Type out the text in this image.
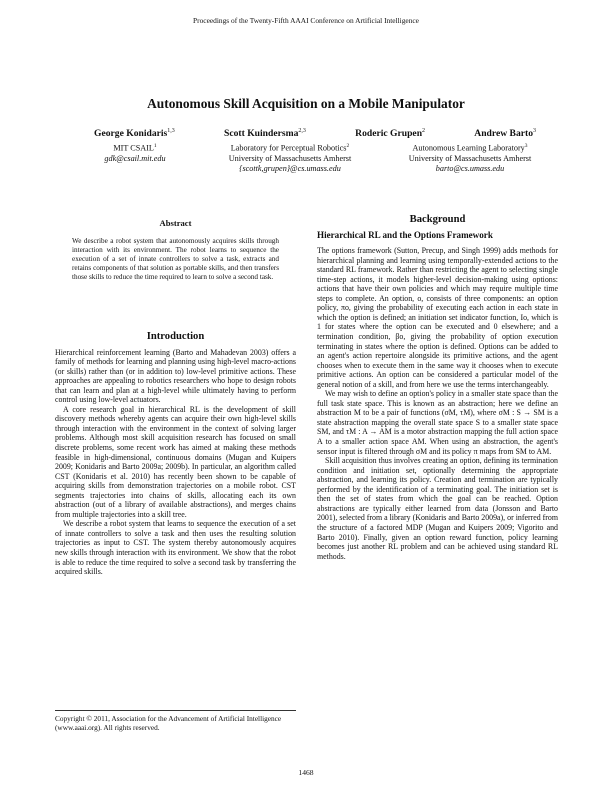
Proceedings of the Twenty-Fifth AAAI Conference on Artificial Intelligence
Autonomous Skill Acquisition on a Mobile Manipulator
George Konidaris$^{1,3}$	Scott Kuindersma$^{2,3}$	Roderic Grupen$^2$	Andrew Barto$^3$
MIT CSAIL$^1$
gdk@csail.mit.edu
Laboratory for Perceptual Robotics$^2$
University of Massachusetts Amherst
{scottk,grupen}@cs.umass.edu
Autonomous Learning Laboratory$^3$
University of Massachusetts Amherst
barto@cs.umass.edu
Abstract
We describe a robot system that autonomously acquires skills through interaction with its environment. The robot learns to sequence the execution of a set of innate controllers to solve a task, extracts and retains components of that solution as portable skills, and then transfers those skills to reduce the time required to learn to solve a second task.
Introduction

Hierarchical reinforcement learning (Barto and Mahadevan 2003) offers a family of methods for learning and planning using high-level macro-actions (or skills) rather than (or in addition to) low-level primitive actions. These approaches are appealing to robotics researchers who hope to design robots that can learn and plan at a high-level while ultimately having to perform control using low-level actuators.

A core research goal in hierarchical RL is the development of skill discovery methods whereby agents can acquire their own high-level skills through interaction with the environment in the context of solving larger problems. Although most skill acquisition research has focused on small discrete problems, some recent work has aimed at making these methods feasible in high-dimensional, continuous domains (Mugan and Kuipers 2009; Konidaris and Barto 2009a; 2009b). In particular, an algorithm called CST (Konidaris et al. 2010) has recently been shown to be capable of acquiring skills from demonstration trajectories on a mobile robot. CST segments trajectories into chains of skills, allocating each its own abstraction (out of a library of available abstractions), and merges chains from multiple trajectories into a skill tree.

We describe a robot system that learns to sequence the execution of a set of innate controllers to solve a task and then uses the resulting solution trajectories as input to CST. The system thereby autonomously acquires new skills through interaction with its environment. We show that the robot is able to reduce the time required to solve a second task by transferring the acquired skills.

Copyright © 2011, Association for the Advancement of Artificial Intelligence (www.aaai.org). All rights reserved.
Background
Hierarchical RL and the Options Framework

The options framework (Sutton, Precup, and Singh 1999) adds methods for hierarchical planning and learning using temporally-extended actions to the standard RL framework. Rather than restricting the agent to selecting single time-step actions, it models higher-level decision-making using options: actions that have their own policies and which may require multiple time steps to complete. An option, o, consists of three components: an option policy, πo, giving the probability of executing each action in each state in which the option is defined; an initiation set indicator function, Io, which is 1 for states where the option can be executed and 0 elsewhere; and a termination condition, βo, giving the probability of option execution terminating in states where the option is defined. Options can be added to an agent's action repertoire alongside its primitive actions, and the agent chooses when to execute them in the same way it chooses when to execute primitive actions. An option can be considered a particular model of the general notion of a skill, and from here we use the terms interchangeably.

We may wish to define an option's policy in a smaller state space than the full task state space. This is known as an abstraction; here we define an abstraction M to be a pair of functions (σM, τM), where σM : S → SM is a state abstraction mapping the overall state space S to a smaller state space SM, and τM : A → AM is a motor abstraction mapping the full action space A to a smaller action space AM. When using an abstraction, the agent's sensor input is filtered through σM and its policy π maps from SM to AM.

Skill acquisition thus involves creating an option, defining its termination condition and initiation set, optionally determining the appropriate abstraction, and learning its policy. Creation and termination are typically performed by the identification of a terminating goal. The initiation set is then the set of states from which the goal can be reached. Option abstractions are typically either learned from data (Jonsson and Barto 2001), selected from a library (Konidaris and Barto 2009a), or inferred from the structure of a factored MDP (Mugan and Kuipers 2009; Vigorito and Barto 2010). Finally, given an option reward function, policy learning becomes just another RL problem and can be achieved using standard RL methods.

1468
